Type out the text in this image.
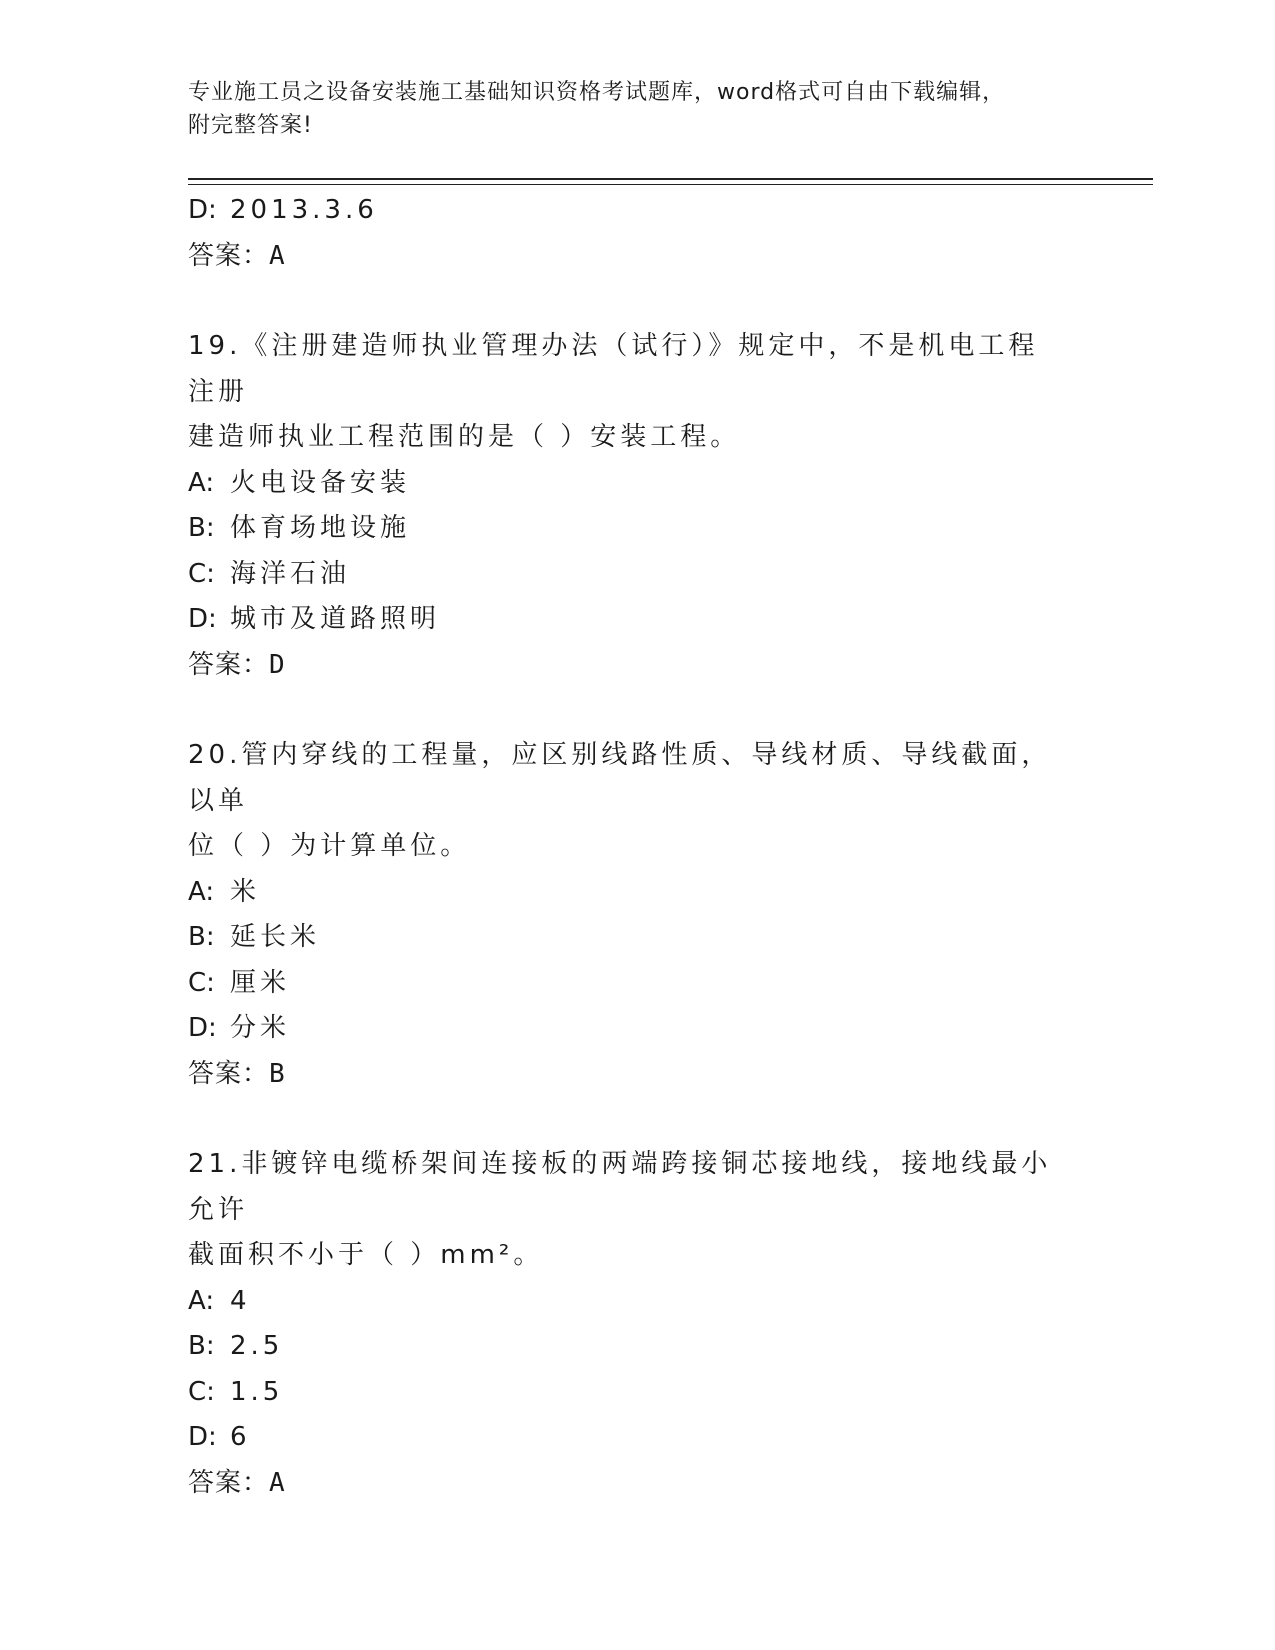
专业施工员之设备安装施工基础知识资格考试题库，word格式可自由下载编辑，
附完整答案!
D: 2013.3.6
答案：A
19.《注册建造师执业管理办法（试行）》规定中，不是机电工程注册
建造师执业工程范围的是（ ）安装工程。
A: 火电设备安装
B: 体育场地设施
C: 海洋石油
D: 城市及道路照明
答案：D
20.管内穿线的工程量，应区别线路性质、导线材质、导线截面，以单
位（ ）为计算单位。
A: 米
B: 延长米
C: 厘米
D: 分米
答案：B
21.非镀锌电缆桥架间连接板的两端跨接铜芯接地线，接地线最小允许
截面积不小于（ ）mm²。
A: 4
B: 2.5
C: 1.5
D: 6
答案：A
